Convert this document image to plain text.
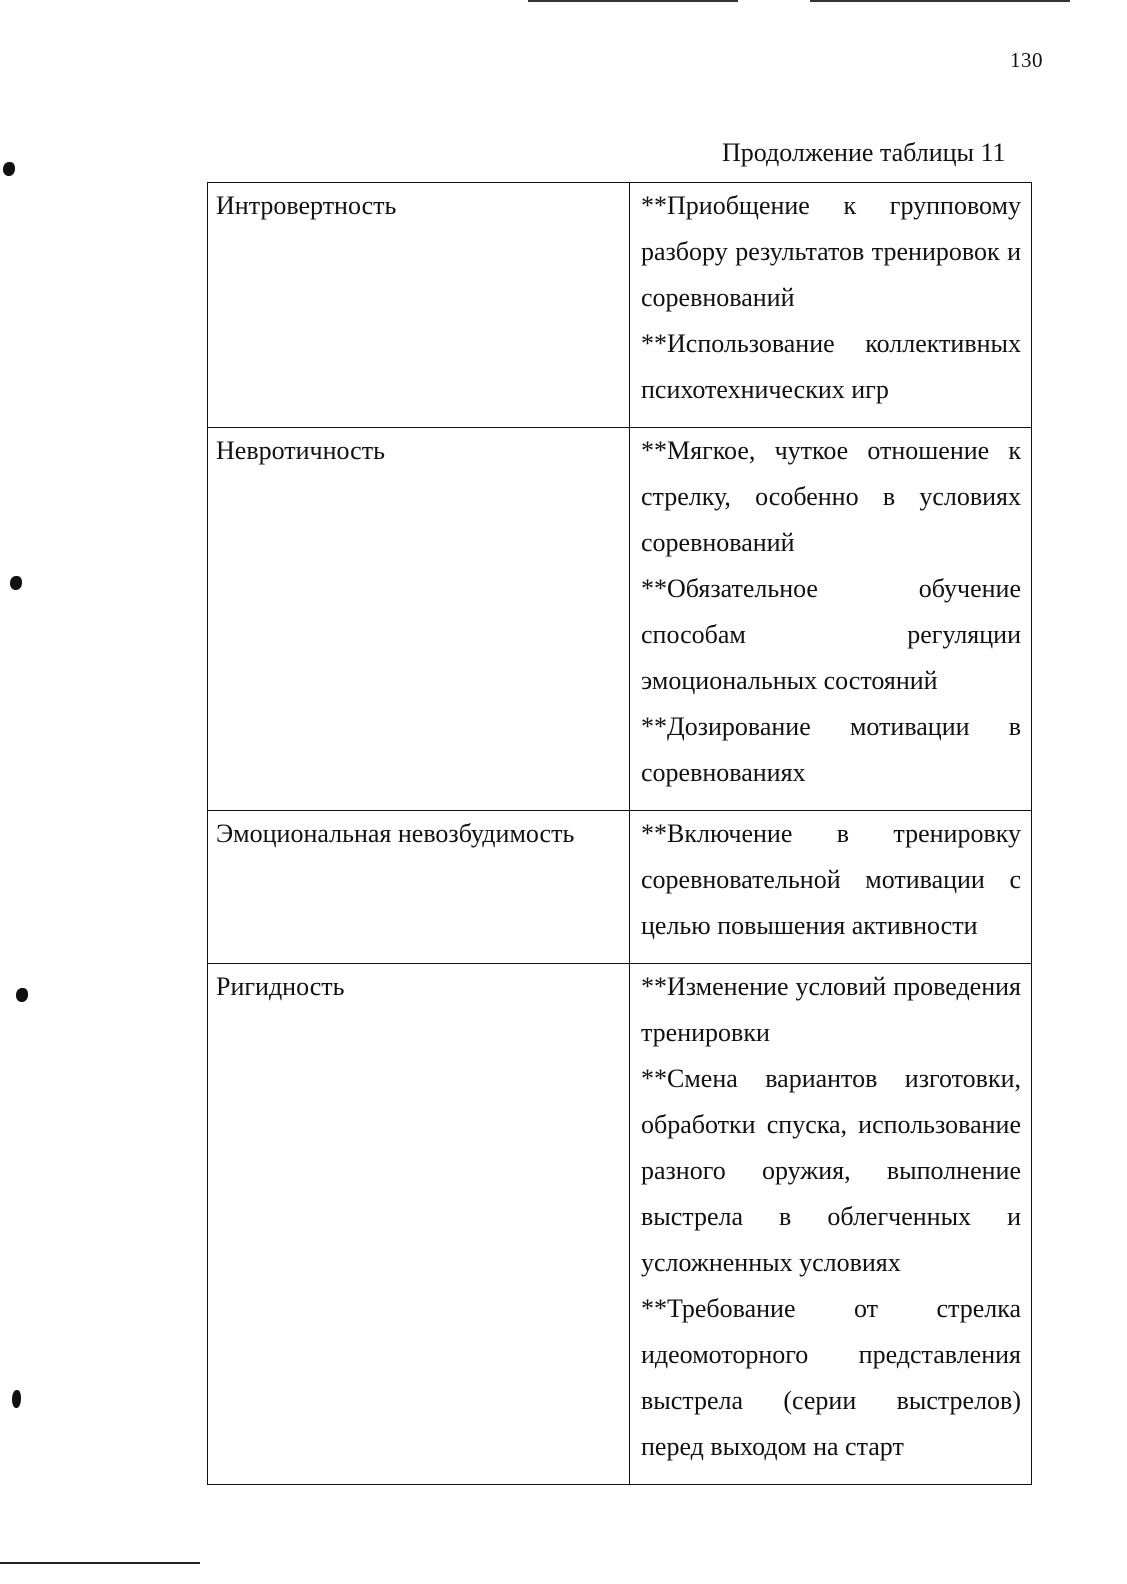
130
Продолжение таблицы 11
Интровертность	**Приобщение к групповому разбору результатов тренировок и соревнований
**Использование коллективных психотехнических игр

Невротичность	**Мягкое, чуткое отношение к стрелку, особенно в условиях соревнований
**Обязательное обучение способам регуляции эмоциональных состояний
**Дозирование мотивации в соревнованиях

Эмоциональная невозбудимость	**Включение в тренировку соревновательной мотивации с целью повышения активности

Ригидность	**Изменение условий проведения тренировки
**Смена вариантов изготовки, обработки спуска, использование разного оружия, выполнение выстрела в облегченных и усложненных условиях
**Требование от стрелка идеомоторного представления выстрела (серии выстрелов) перед выходом на старт
